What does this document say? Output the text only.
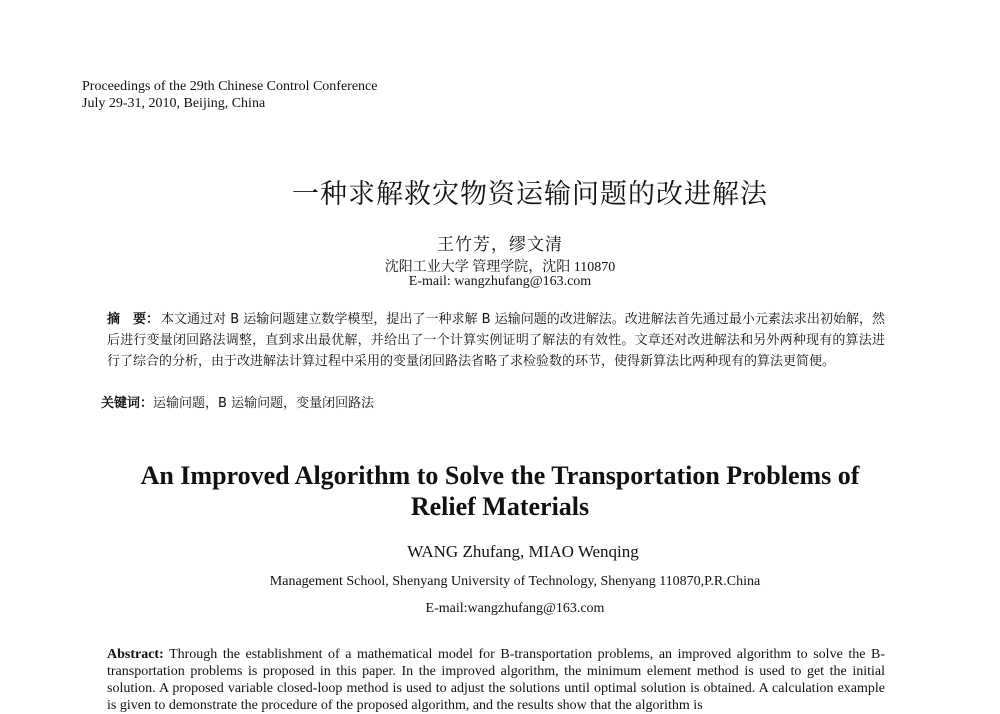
Proceedings of the 29th Chinese Control Conference
July 29-31, 2010, Beijing, China
一种求解救灾物资运输问题的改进解法
王竹芳，缪文清
沈阳工业大学 管理学院，沈阳 110870
E-mail: wangzhufang@163.com
摘　要： 本文通过对 B 运输问题建立数学模型，提出了一种求解 B 运输问题的改进解法。改进解法首先通过最小元素法求出初始解，然后进行变量闭回路法调整，直到求出最优解，并给出了一个计算实例证明了解法的有效性。文章还对改进解法和另外两种现有的算法进行了综合的分析，由于改进解法计算过程中采用的变量闭回路法省略了求检验数的环节，使得新算法比两种现有的算法更简便。
关键词：运输问题，B 运输问题，变量闭回路法
An Improved Algorithm to Solve the Transportation Problems of
Relief Materials
WANG Zhufang, MIAO Wenqing
Management School, Shenyang University of Technology, Shenyang 110870,P.R.China
E-mail:wangzhufang@163.com
Abstract: Through the establishment of a mathematical model for B-transportation problems, an improved algorithm to solve the B-transportation problems is proposed in this paper. In the improved algorithm, the minimum element method is used to get the initial solution. A proposed variable closed-loop method is used to adjust the solutions until optimal solution is obtained. A calculation example is given to demonstrate the procedure of the proposed algorithm, and the results show that the algorithm is
